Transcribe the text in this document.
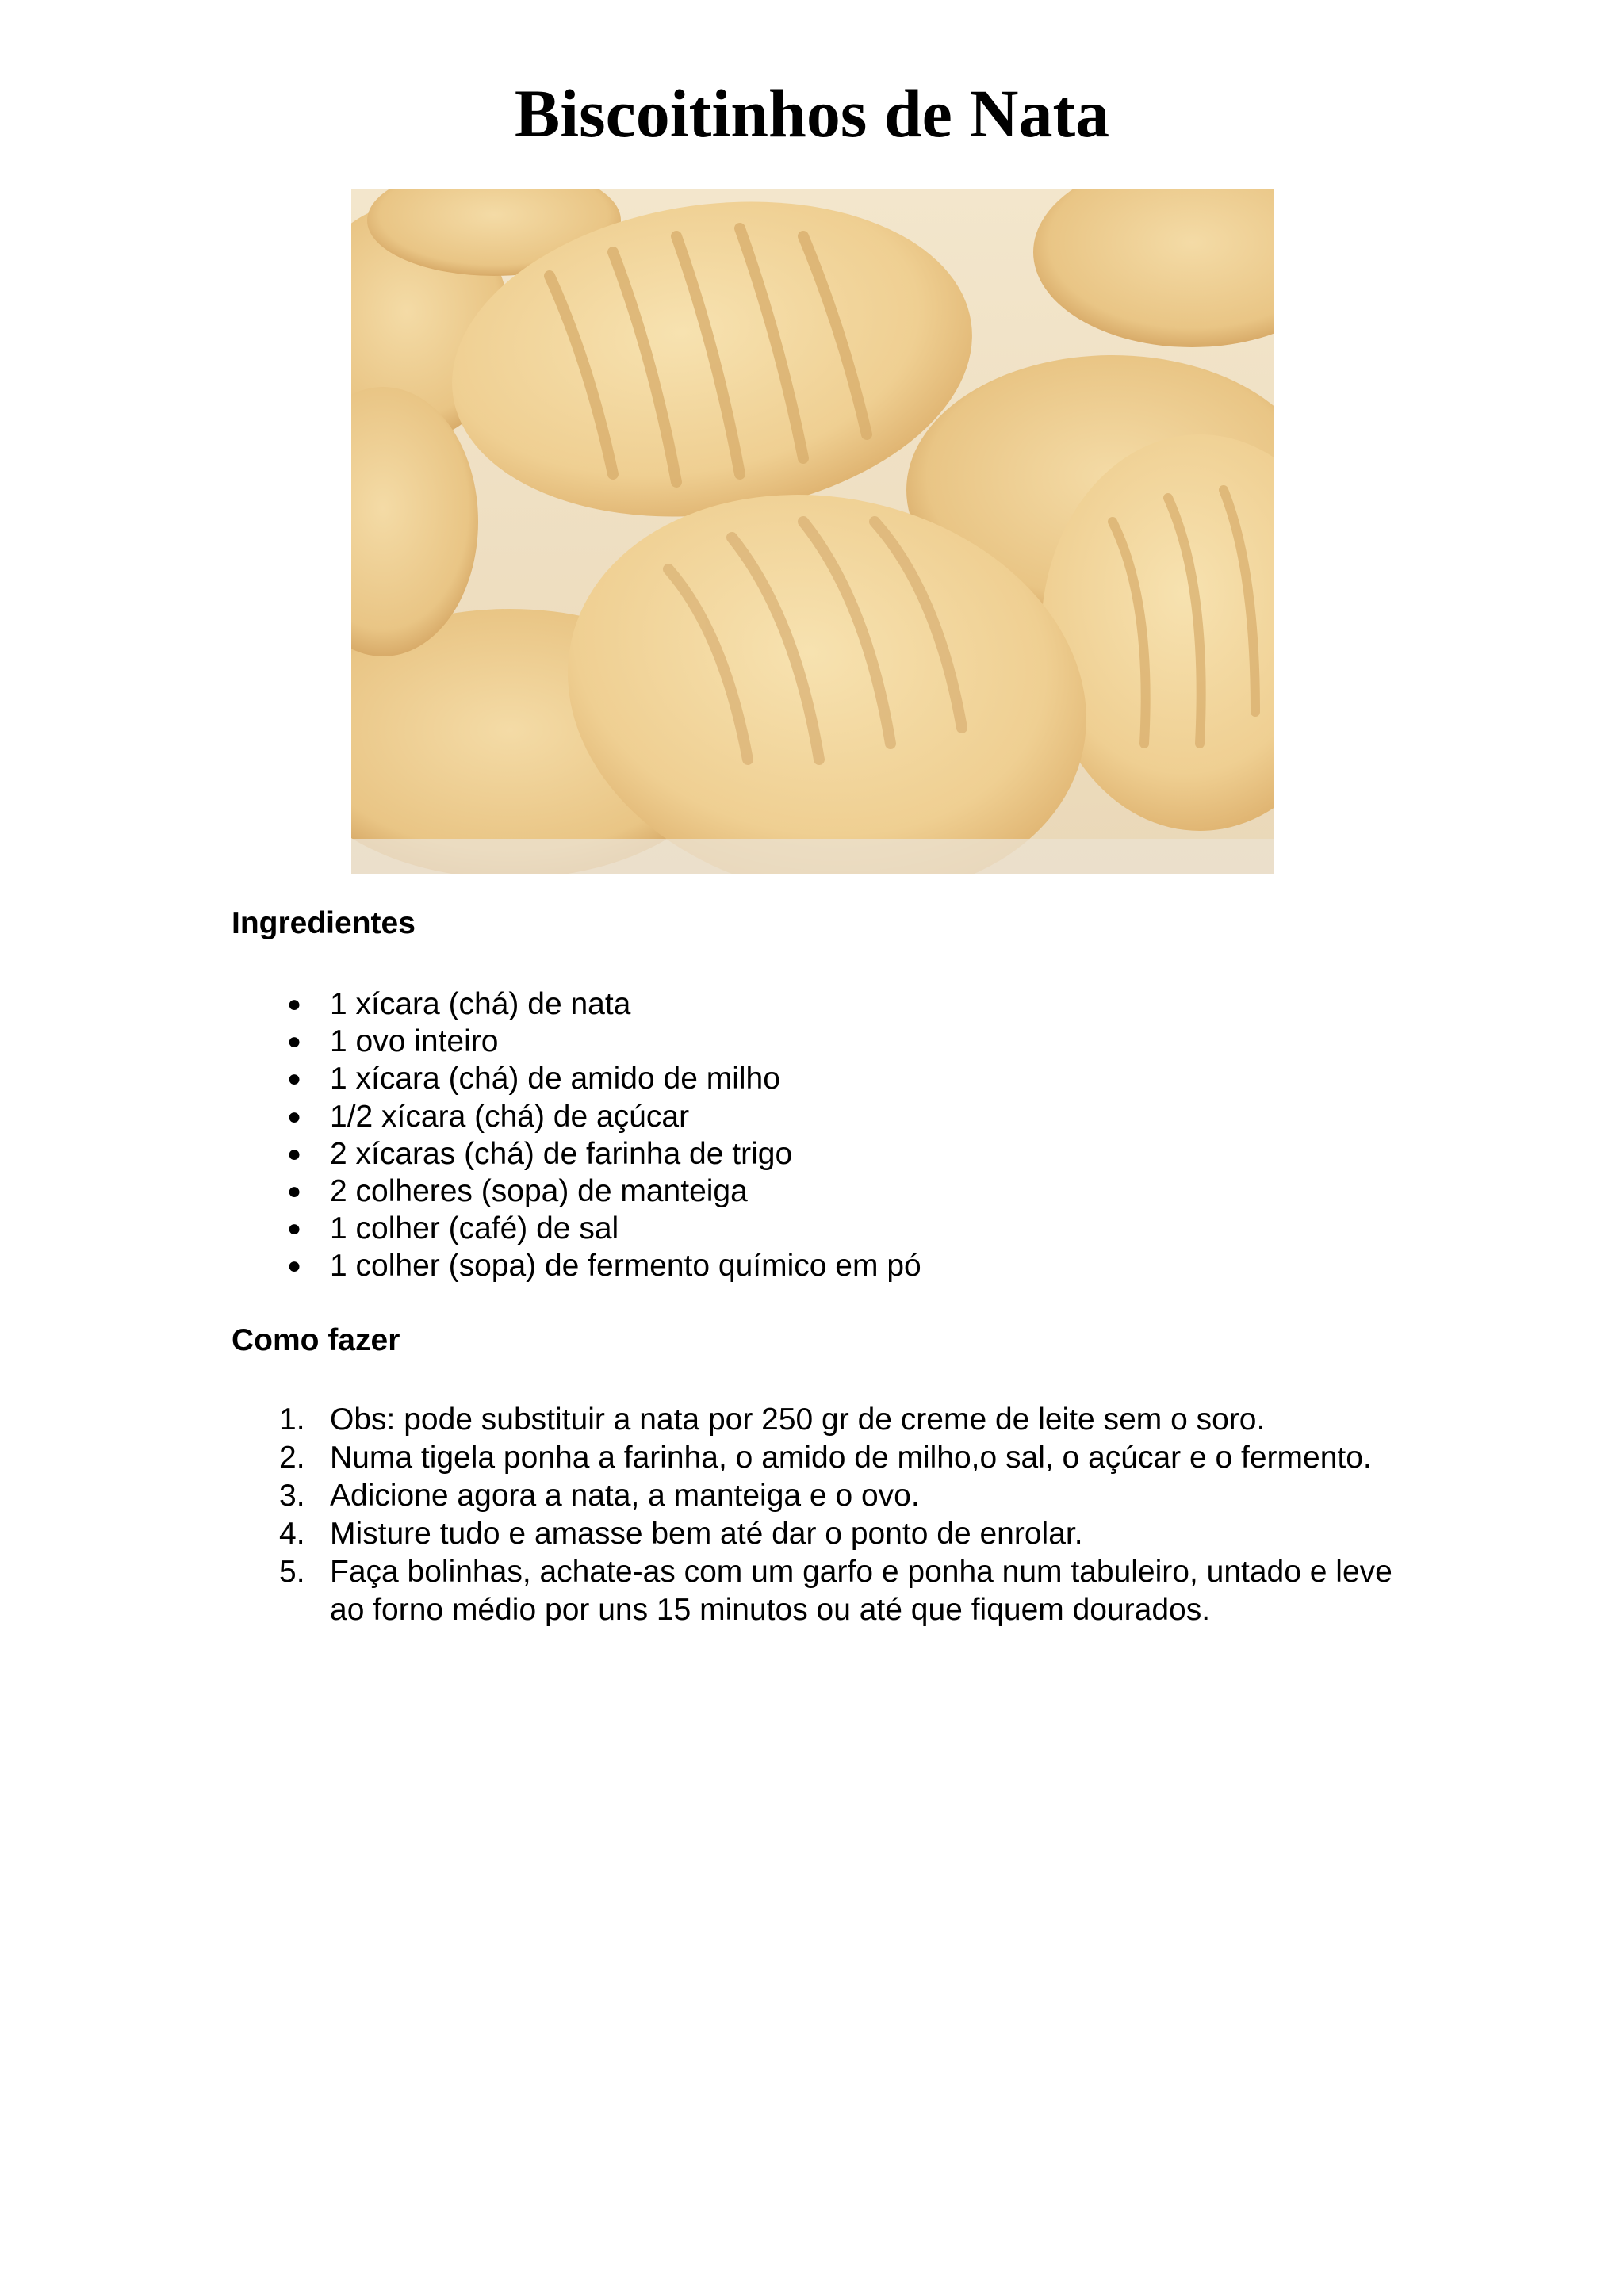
Biscoitinhos de Nata
Ingredientes
● 1 xícara (chá) de nata
● 1 ovo inteiro
● 1 xícara (chá) de amido de milho
● 1/2 xícara (chá) de açúcar
● 2 xícaras (chá) de farinha de trigo
● 2 colheres (sopa) de manteiga
● 1 colher (café) de sal
● 1 colher (sopa) de fermento químico em pó
Como fazer
1. Obs: pode substituir a nata por 250 gr de creme de leite sem o soro.
2. Numa tigela ponha a farinha, o amido de milho,o sal, o açúcar e o fermento.
3. Adicione agora a nata, a manteiga e o ovo.
4. Misture tudo e amasse bem até dar o ponto de enrolar.
5. Faça bolinhas, achate-as com um garfo e ponha num tabuleiro, untado e leve ao forno médio por uns 15 minutos ou até que fiquem dourados.
